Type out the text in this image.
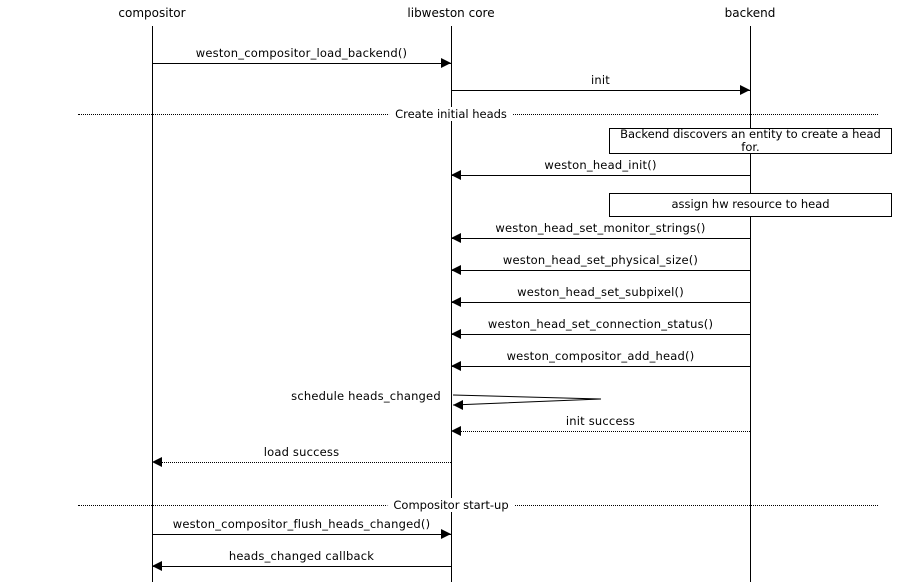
compositor	libweston core	backend
Create initial heads
Compositor start-up
Backend discovers an entity to create a head for.
assign hw resource to head
weston_compositor_load_backend()
init
weston_head_init()
weston_head_set_monitor_strings()
weston_head_set_physical_size()
weston_head_set_subpixel()
weston_head_set_connection_status()
weston_compositor_add_head()
schedule heads_changed
init success
load success
weston_compositor_flush_heads_changed()
heads_changed callback
